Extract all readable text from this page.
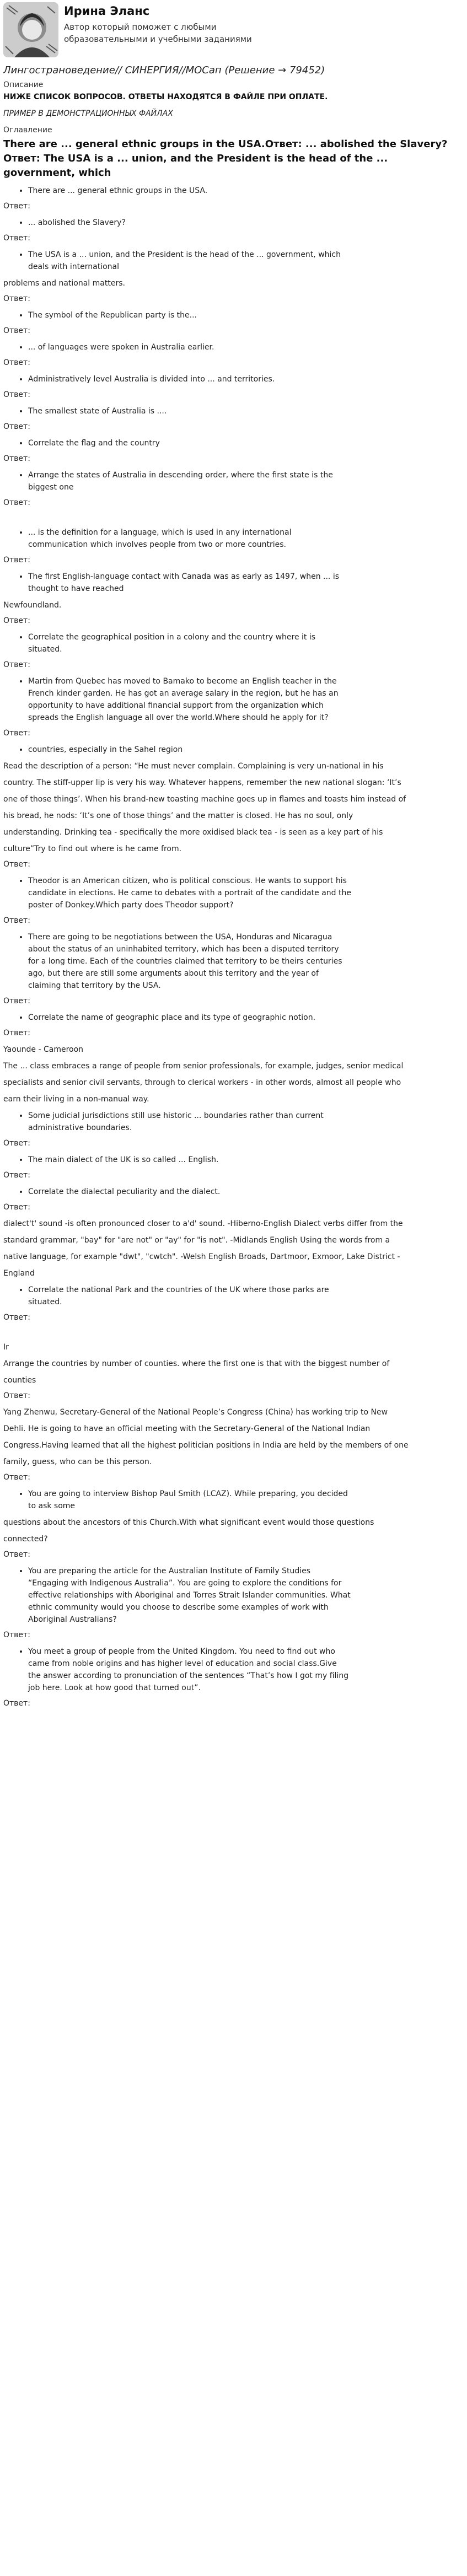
Ирина Эланс
Автор который поможет с любыми образовательными и учебными заданиями
Лингострановедение// СИНЕРГИЯ//МОСап (Решение → 79452)
Описание
НИЖЕ СПИСОК ВОПРОСОВ. ОТВЕТЫ НАХОДЯТСЯ В ФАЙЛЕ ПРИ ОПЛАТЕ.
ПРИМЕР В ДЕМОНСТРАЦИОННЫХ ФАЙЛАХ
Оглавление
There are ... general ethnic groups in the USA.Ответ: ... abolished the Slavery?Ответ: The USA is a ... union, and the President is the head of the ... government, which
• There are ... general ethnic groups in the USA.
Ответ:
• ... abolished the Slavery?
Ответ:
• The USA is a ... union, and the President is the head of the ... government, which deals with international
problems and national matters.
Ответ:
• The symbol of the Republican party is the...
Ответ:
• ... of languages were spoken in Australia earlier.
Ответ:
• Administratively level Australia is divided into ... and territories.
Ответ:
• The smallest state of Australia is ....
Ответ:
• Correlate the flag and the country
Ответ:
• Arrange the states of Australia in descending order, where the first state is the biggest one
Ответ:
• ... is the definition for a language, which is used in any international communication which involves people from two or more countries.
Ответ:
• The first English-language contact with Canada was as early as 1497, when ... is thought to have reached
Newfoundland.
Ответ:
• Correlate the geographical position in a colony and the country where it is situated.
Ответ:
• Martin from Quebec has moved to Bamako to become an English teacher in the French kinder garden. He has got an average salary in the region, but he has an opportunity to have additional financial support from the organization which spreads the English language all over the world.Where should he apply for it?
Ответ:
• countries, especially in the Sahel region
Read the description of a person: “He must never complain. Complaining is very un-national in his
country. The stiff-upper lip is very his way. Whatever happens, remember the new national slogan: ‘It’s
one of those things’. When his brand-new toasting machine goes up in flames and toasts him instead of
his bread, he nods: ‘It’s one of those things’ and the matter is closed. He has no soul, only
understanding. Drinking tea - specifically the more oxidised black tea - is seen as a key part of his
culture”Try to find out where is he came from.
Ответ:
• Theodor is an American citizen, who is political conscious. He wants to support his candidate in elections. He came to debates with a portrait of the candidate and the poster of Donkey.Which party does Theodor support?
Ответ:
• There are going to be negotiations between the USA, Honduras and Nicaragua about the status of an uninhabited territory, which has been a disputed territory for a long time. Each of the countries claimed that territory to be theirs centuries ago, but there are still some arguments about this territory and the year of claiming that territory by the USA.
Ответ:
• Correlate the name of geographic place and its type of geographic notion.
Ответ:
Yaounde - Cameroon
The ... class embraces a range of people from senior professionals, for example, judges, senior medical
specialists and senior civil servants, through to clerical workers - in other words, almost all people who
earn their living in a non-manual way.
• Some judicial jurisdictions still use historic ... boundaries rather than current administrative boundaries.
Ответ:
• The main dialect of the UK is so called ... English.
Ответ:
• Correlate the dialectal peculiarity and the dialect.
Ответ:
dialect't' sound -is often pronounced closer to a'd' sound. -Hiberno-English Dialect verbs differ from the
standard grammar, "bay" for "are not" or "ay" for "is not". -Midlands English Using the words from a
native language, for example "dwt", "cwtch". -Welsh English Broads, Dartmoor, Exmoor, Lake District -
England
• Correlate the national Park and the countries of the UK where those parks are situated.
Ответ:
Ir
Arrange the countries by number of counties. where the first one is that with the biggest number of
counties
Ответ:
Yang Zhenwu, Secretary-General of the National People’s Congress (China) has working trip to New
Dehli. He is going to have an official meeting with the Secretary-General of the National Indian
Congress.Having learned that all the highest politician positions in India are held by the members of one
family, guess, who can be this person.
Ответ:
• You are going to interview Bishop Paul Smith (LCAZ). While preparing, you decided to ask some
questions about the ancestors of this Church.With what significant event would those questions
connected?
Ответ:
• You are preparing the article for the Australian Institute of Family Studies “Engaging with Indigenous Australia”. You are going to explore the conditions for effective relationships with Aboriginal and Torres Strait Islander communities. What ethnic community would you choose to describe some examples of work with Aboriginal Australians?
Ответ:
• You meet a group of people from the United Kingdom. You need to find out who came from noble origins and has higher level of education and social class.Give the answer according to pronunciation of the sentences “That’s how I got my filing job here. Look at how good that turned out”.
Ответ:
